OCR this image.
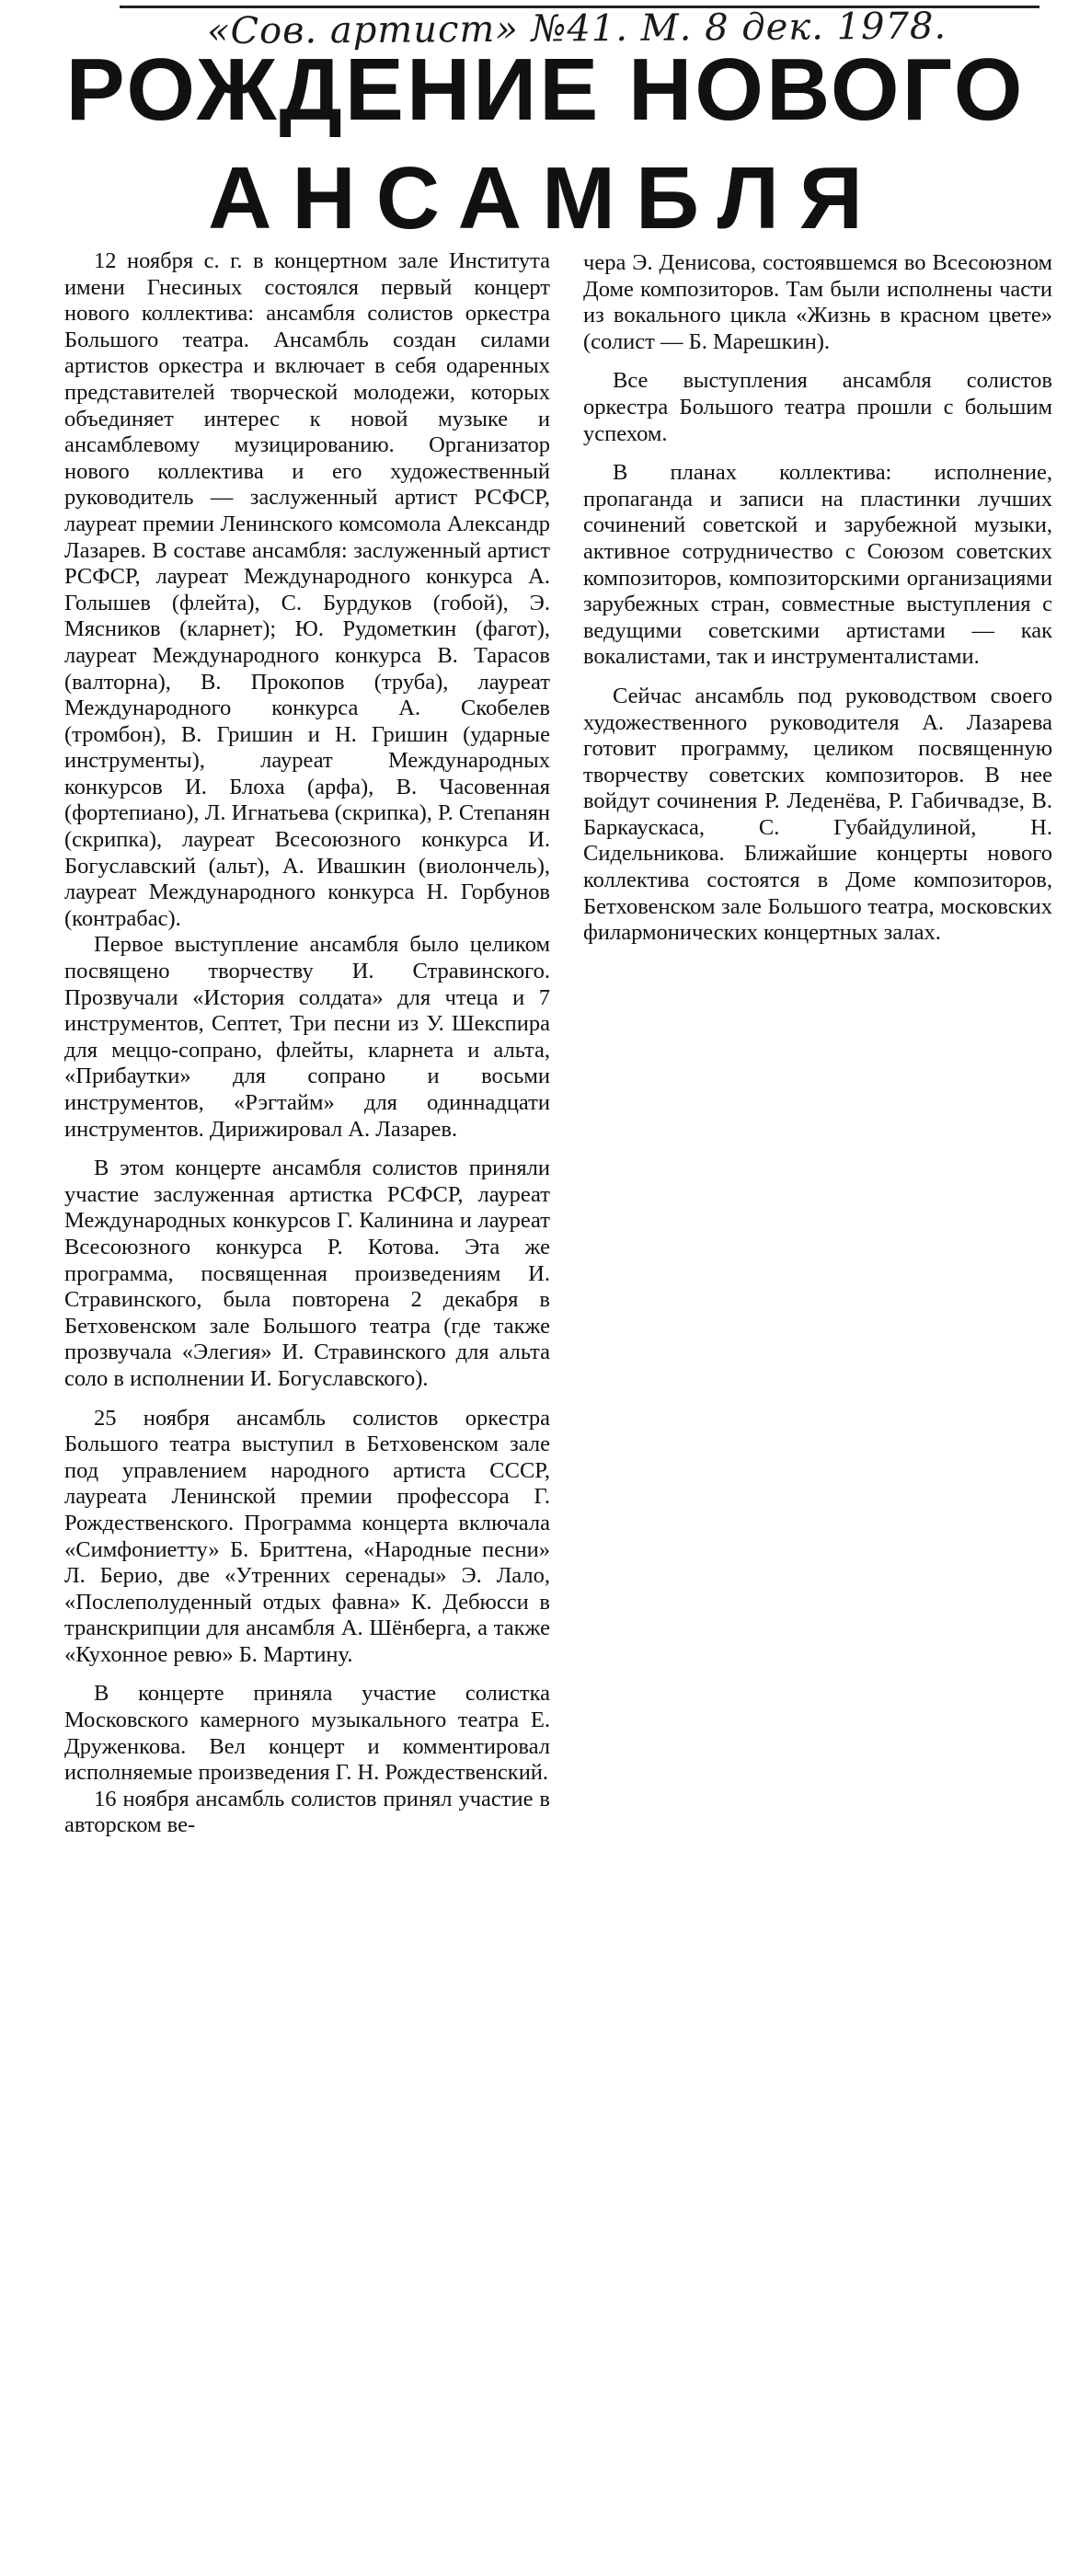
«Сов. артист» №41. М. 8 дек. 1978.
РОЖДЕНИЕ НОВОГО
АНСАМБЛЯ

12 ноября с. г. в концертном зале Института имени Гнесиных состоялся первый концерт нового коллектива: ансамбля солистов оркестра Большого театра. Ансамбль создан силами артистов оркестра и включает в себя одаренных представителей творческой молодежи, которых объединяет интерес к новой музыке и ансамблевому музицированию. Организатор нового коллектива и его художественный руководитель — заслуженный артист РСФСР, лауреат премии Ленинского комсомола Александр Лазарев. В составе ансамбля: заслуженный артист РСФСР, лауреат Международного конкурса А. Голышев (флейта), С. Бурдуков (гобой), Э. Мясников (кларнет); Ю. Рудометкин (фагот), лауреат Международного конкурса В. Тарасов (валторна), В. Прокопов (труба), лауреат Международного конкурса А. Скобелев (тромбон), В. Гришин и Н. Гришин (ударные инструменты), лауреат Международных конкурсов И. Блоха (арфа), В. Часовенная (фортепиано), Л. Игнатьева (скрипка), Р. Степанян (скрипка), лауреат Всесоюзного конкурса И. Богуславский (альт), А. Ивашкин (виолончель), лауреат Международного конкурса Н. Горбунов (контрабас).

Первое выступление ансамбля было целиком посвящено творчеству И. Стравинского. Прозвучали «История солдата» для чтеца и 7 инструментов, Септет, Три песни из У. Шекспира для меццо-сопрано, флейты, кларнета и альта, «Прибаутки» для сопрано и восьми инструментов, «Рэгтайм» для одиннадцати инструментов. Дирижировал А. Лазарев.

В этом концерте ансамбля солистов приняли участие заслуженная артистка РСФСР, лауреат Международных конкурсов Г. Калинина и лауреат Всесоюзного конкурса Р. Котова. Эта же программа, посвященная произведениям И. Стравинского, была повторена 2 декабря в Бетховенском зале Большого театра (где также прозвучала «Элегия» И. Стравинского для альта соло в исполнении И. Богуславского).

25 ноября ансамбль солистов оркестра Большого театра выступил в Бетховенском зале под управлением народного артиста СССР, лауреата Ленинской премии профессора Г. Рождественского. Программа концерта включала «Симфониетту» Б. Бриттена, «Народные песни» Л. Берио, две «Утренних серенады» Э. Лало, «Послеполуденный отдых фавна» К. Дебюсси в транскрипции для ансамбля А. Шёнберга, а также «Кухонное ревю» Б. Мартину.

В концерте приняла участие солистка Московского камерного музыкального театра Е. Друженкова. Вел концерт и комментировал исполняемые произведения Г. Н. Рождественский.

16 ноября ансамбль солистов принял участие в авторском ве-

чера Э. Денисова, состоявшемся во Всесоюзном Доме композиторов. Там были исполнены части из вокального цикла «Жизнь в красном цвете» (солист — Б. Марешкин).

Все выступления ансамбля солистов оркестра Большого театра прошли с большим успехом.

В планах коллектива: исполнение, пропаганда и записи на пластинки лучших сочинений советской и зарубежной музыки, активное сотрудничество с Союзом советских композиторов, композиторскими организациями зарубежных стран, совместные выступления с ведущими советскими артистами — как вокалистами, так и инструменталистами.

Сейчас ансамбль под руководством своего художественного руководителя А. Лазарева готовит программу, целиком посвященную творчеству советских композиторов. В нее войдут сочинения Р. Леденёва, Р. Габичвадзе, В. Баркаускаса, С. Губайдулиной, Н. Сидельникова. Ближайшие концерты нового коллектива состоятся в Доме композиторов, Бетховенском зале Большого театра, московских филармонических концертных залах.
